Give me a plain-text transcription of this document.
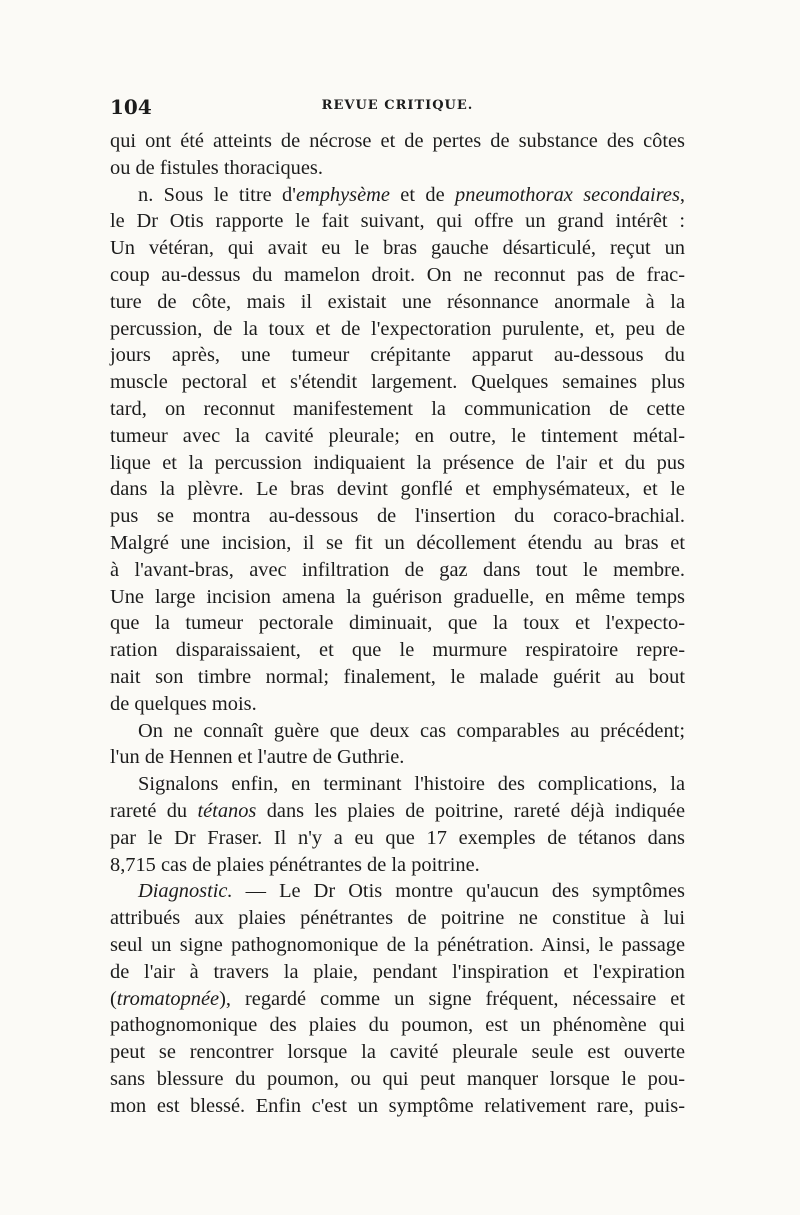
104	REVUE CRITIQUE.
qui ont été atteints de nécrose et de pertes de substance des côtes
ou de fistules thoraciques.
n. Sous le titre d'emphysème et de pneumothorax secondaires,
le Dr Otis rapporte le fait suivant, qui offre un grand intérêt :
Un vétéran, qui avait eu le bras gauche désarticulé, reçut un
coup au-dessus du mamelon droit. On ne reconnut pas de frac-
ture de côte, mais il existait une résonnance anormale à la
percussion, de la toux et de l'expectoration purulente, et, peu de
jours après, une tumeur crépitante apparut au-dessous du
muscle pectoral et s'étendit largement. Quelques semaines plus
tard, on reconnut manifestement la communication de cette
tumeur avec la cavité pleurale; en outre, le tintement métal-
lique et la percussion indiquaient la présence de l'air et du pus
dans la plèvre. Le bras devint gonflé et emphysémateux, et le
pus se montra au-dessous de l'insertion du coraco-brachial.
Malgré une incision, il se fit un décollement étendu au bras et
à l'avant-bras, avec infiltration de gaz dans tout le membre.
Une large incision amena la guérison graduelle, en même temps
que la tumeur pectorale diminuait, que la toux et l'expecto-
ration disparaissaient, et que le murmure respiratoire repre-
nait son timbre normal; finalement, le malade guérit au bout
de quelques mois.
On ne connaît guère que deux cas comparables au précédent;
l'un de Hennen et l'autre de Guthrie.
Signalons enfin, en terminant l'histoire des complications, la
rareté du tétanos dans les plaies de poitrine, rareté déjà indiquée
par le Dr Fraser. Il n'y a eu que 17 exemples de tétanos dans
8,715 cas de plaies pénétrantes de la poitrine.
Diagnostic. — Le Dr Otis montre qu'aucun des symptômes
attribués aux plaies pénétrantes de poitrine ne constitue à lui
seul un signe pathognomonique de la pénétration. Ainsi, le passage
de l'air à travers la plaie, pendant l'inspiration et l'expiration
(tromatopnée), regardé comme un signe fréquent, nécessaire et
pathognomonique des plaies du poumon, est un phénomène qui
peut se rencontrer lorsque la cavité pleurale seule est ouverte
sans blessure du poumon, ou qui peut manquer lorsque le pou-
mon est blessé. Enfin c'est un symptôme relativement rare, puis-
